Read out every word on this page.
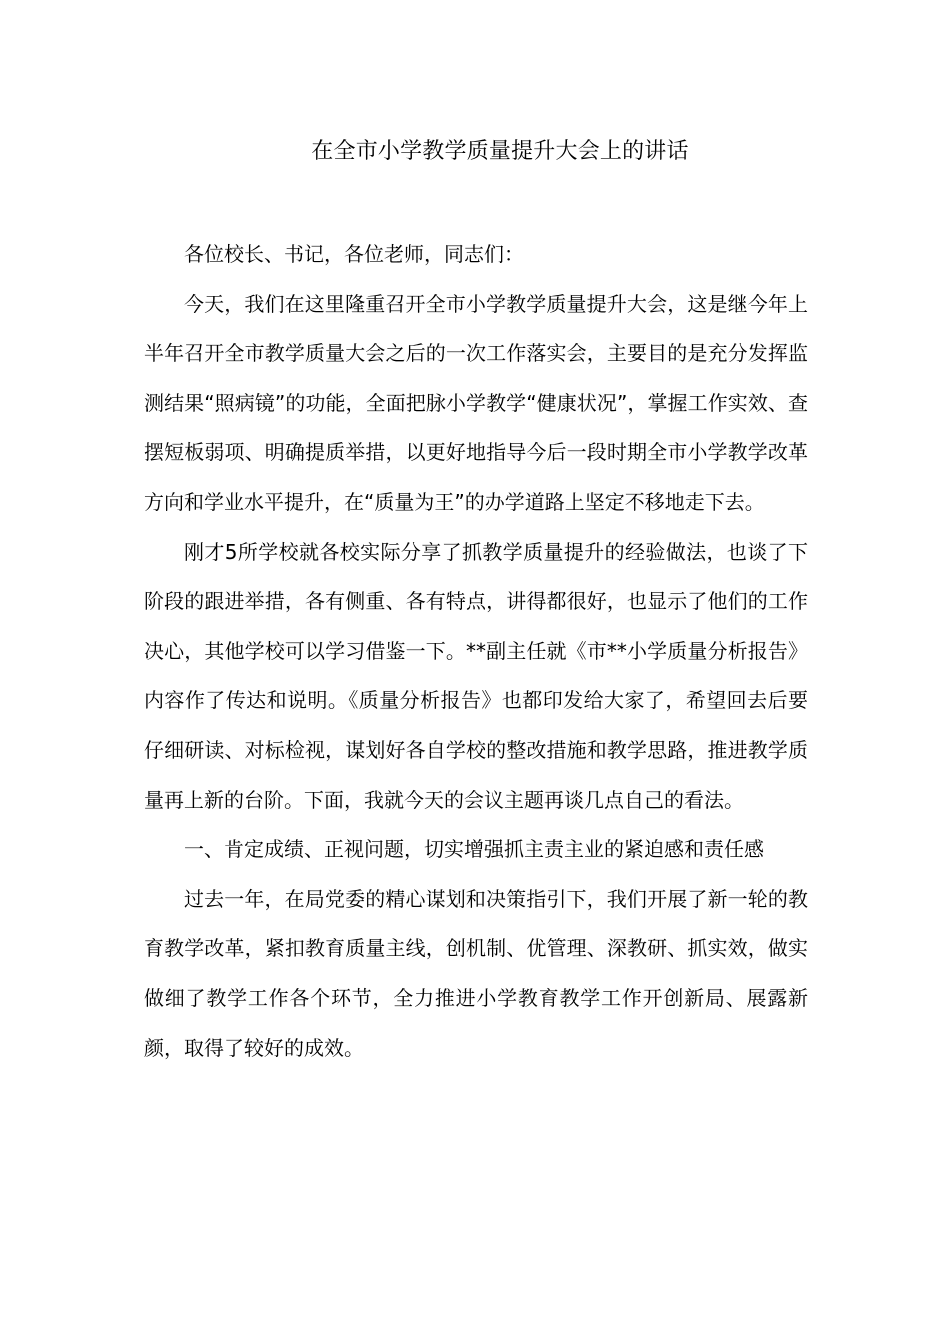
在全市小学教学质量提升大会上的讲话

各位校长、书记，各位老师，同志们：

今天，我们在这里隆重召开全市小学教学质量提升大会，这是继今年上半年召开全市教学质量大会之后的一次工作落实会，主要目的是充分发挥监测结果“照病镜”的功能，全面把脉小学教学“健康状况”，掌握工作实效、查摆短板弱项、明确提质举措，以更好地指导今后一段时期全市小学教学改革方向和学业水平提升，在“质量为王”的办学道路上坚定不移地走下去。

刚才5所学校就各校实际分享了抓教学质量提升的经验做法，也谈了下阶段的跟进举措，各有侧重、各有特点，讲得都很好，也显示了他们的工作决心，其他学校可以学习借鉴一下。**副主任就《市**小学质量分析报告》内容作了传达和说明。《质量分析报告》也都印发给大家了，希望回去后要仔细研读、对标检视，谋划好各自学校的整改措施和教学思路，推进教学质量再上新的台阶。下面，我就今天的会议主题再谈几点自己的看法。

一、肯定成绩、正视问题，切实增强抓主责主业的紧迫感和责任感

过去一年，在局党委的精心谋划和决策指引下，我们开展了新一轮的教育教学改革，紧扣教育质量主线，创机制、优管理、深教研、抓实效，做实做细了教学工作各个环节，全力推进小学教育教学工作开创新局、展露新颜，取得了较好的成效。
